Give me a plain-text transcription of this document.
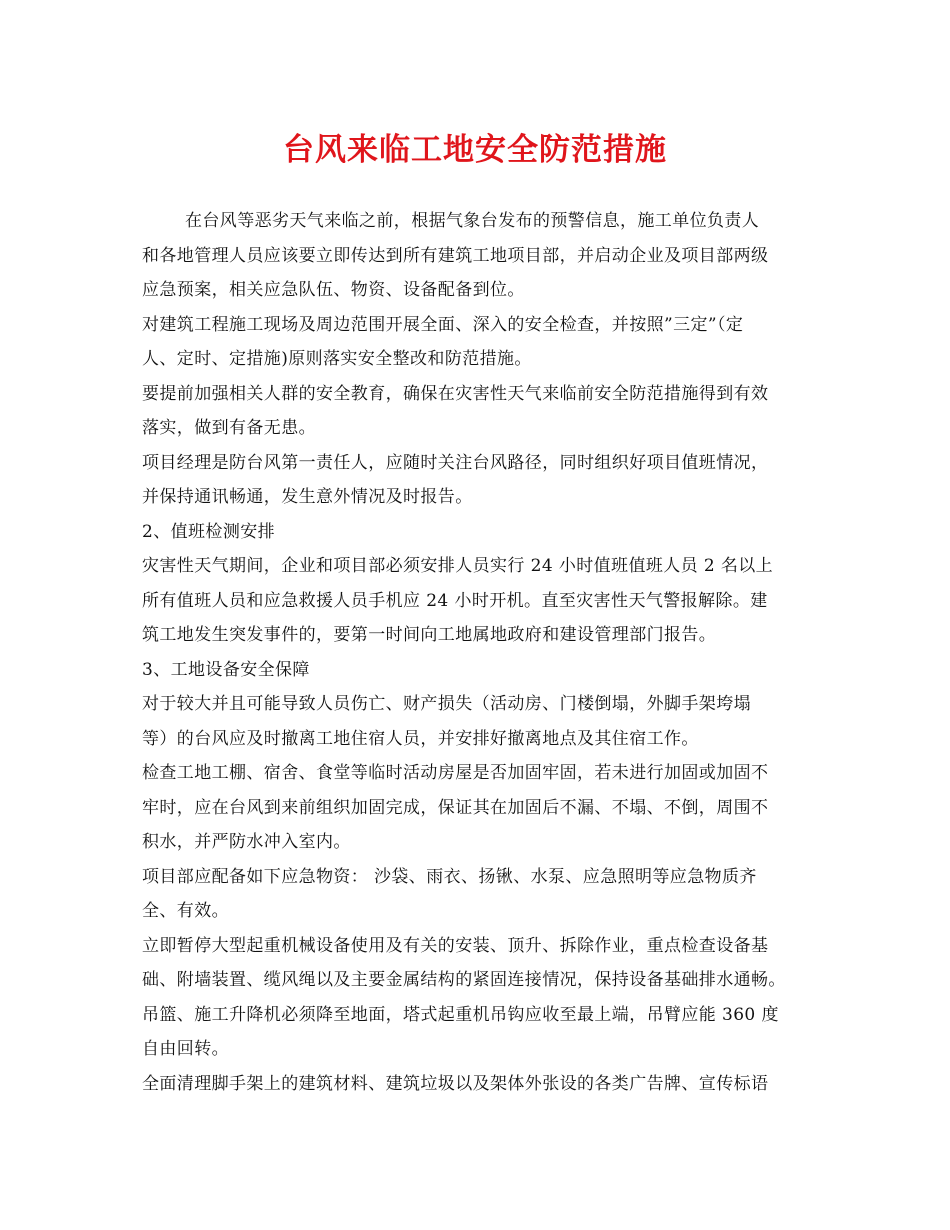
台风来临工地安全防范措施
在台风等恶劣天气来临之前，根据气象台发布的预警信息，施工单位负责人
和各地管理人员应该要立即传达到所有建筑工地项目部，并启动企业及项目部两级
应急预案，相关应急队伍、物资、设备配备到位。
对建筑工程施工现场及周边范围开展全面、深入的安全检查，并按照”三定”（定
人、定时、定措施)原则落实安全整改和防范措施。
要提前加强相关人群的安全教育，确保在灾害性天气来临前安全防范措施得到有效
落实，做到有备无患。
项目经理是防台风第一责任人，应随时关注台风路径，同时组织好项目值班情况，
并保持通讯畅通，发生意外情况及时报告。
2、值班检测安排
灾害性天气期间，企业和项目部必须安排人员实行 24 小时值班值班人员 2 名以上
所有值班人员和应急救援人员手机应 24 小时开机。直至灾害性天气警报解除。建
筑工地发生突发事件的，要第一时间向工地属地政府和建设管理部门报告。
3、工地设备安全保障
对于较大并且可能导致人员伤亡、财产损失（活动房、门楼倒塌，外脚手架垮塌
等）的台风应及时撤离工地住宿人员，并安排好撤离地点及其住宿工作。
检查工地工棚、宿舍、食堂等临时活动房屋是否加固牢固，若未进行加固或加固不
牢时，应在台风到来前组织加固完成，保证其在加固后不漏、不塌、不倒，周围不
积水，并严防水冲入室内。
项目部应配备如下应急物资： 沙袋、雨衣、扬锹、水泵、应急照明等应急物质齐
全、有效。
立即暂停大型起重机械设备使用及有关的安装、顶升、拆除作业，重点检查设备基
础、附墙装置、缆风绳以及主要金属结构的紧固连接情况，保持设备基础排水通畅。
吊篮、施工升降机必须降至地面，塔式起重机吊钩应收至最上端，吊臂应能 360 度
自由回转。
全面清理脚手架上的建筑材料、建筑垃圾以及架体外张设的各类广告牌、宣传标语
